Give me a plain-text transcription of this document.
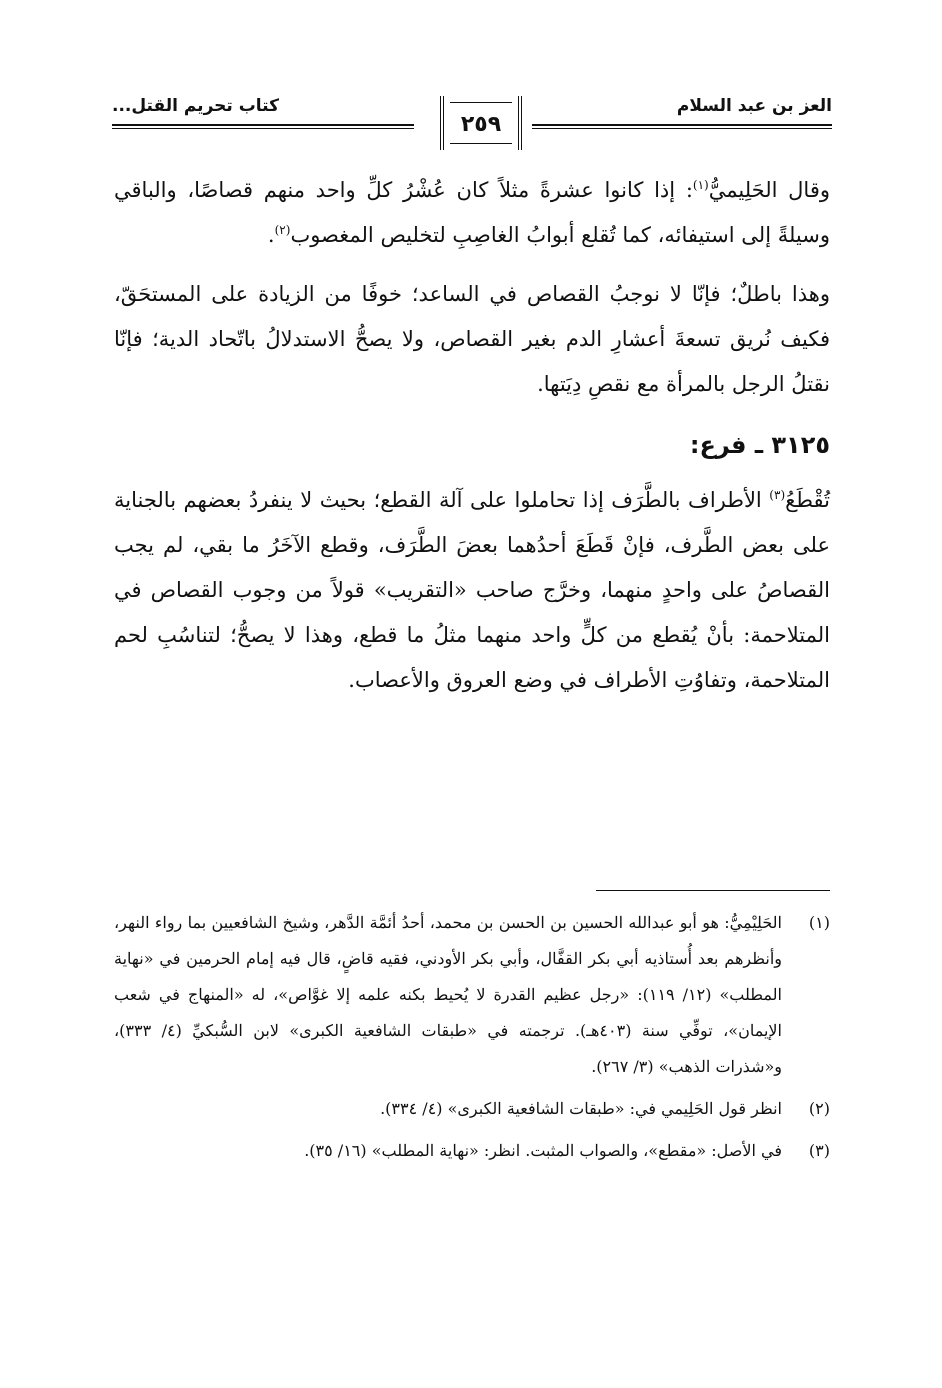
العز بن عبد السلام
كتاب تحريم القتل...
٢٥٩

وقال الحَلِيميُّ$^{(١)}$: إذا كانوا عشرةً مثلاً كان عُشْرُ كلِّ واحد منهم قصاصًا، والباقي وسيلةً إلى استيفائه، كما تُقلع أبوابُ الغاصِبِ لتخليص المغصوب$^{(٢)}$.

وهذا باطلٌ؛ فإنّا لا نوجبُ القصاص في الساعد؛ خوفًا من الزيادة على المستحَقّ، فكيف نُريق تسعةَ أعشارِ الدم بغير القصاص، ولا يصحُّ الاستدلالُ باتّحاد الدية؛ فإنّا نقتلُ الرجل بالمرأة مع نقصِ دِيَتها.

٣١٢٥ ـ فرع:

تُقْطَعُ$^{(٣)}$ الأطراف بالطَّرَف إذا تحاملوا على آلة القطع؛ بحيث لا ينفردُ بعضهم بالجناية على بعض الطَّرف، فإنْ قَطَعَ أحدُهما بعضَ الطَّرَف، وقطع الآخَرُ ما بقي، لم يجب القصاصُ على واحدٍ منهما، وخرَّج صاحب «التقريب» قولاً من وجوب القصاص في المتلاحمة: بأنْ يُقطع من كلٍّ واحد منهما مثلُ ما قطع، وهذا لا يصحُّ؛ لتناسُبِ لحم المتلاحمة، وتفاوُتِ الأطراف في وضع العروق والأعصاب.

(١)
الحَلِيْمِيُّ: هو أبو عبدالله الحسين بن الحسن بن محمد، أحدُ أئمَّة الدَّهر، وشيخ الشافعيين بما رواء النهر، وأنظرهم بعد أُستاذيه أبي بكر القفَّال، وأبي بكر الأودني، فقيه قاضٍ، قال فيه إمام الحرمين في «نهاية المطلب» (١٢/ ١١٩): «رجل عظيم القدرة لا يُحيط بكنه علمه إلا غوَّاص»، له «المنهاج في شعب الإيمان»، توفِّي سنة (٤٠٣هـ). ترجمته في «طبقات الشافعية الكبرى» لابن السُّبكيِّ (٤/ ٣٣٣)، و«شذرات الذهب» (٣/ ٢٦٧).
(٢)
انظر قول الحَلِيمي في: «طبقات الشافعية الكبرى» (٤/ ٣٣٤).
(٣)
في الأصل: «مقطع»، والصواب المثبت. انظر: «نهاية المطلب» (١٦/ ٣٥).
